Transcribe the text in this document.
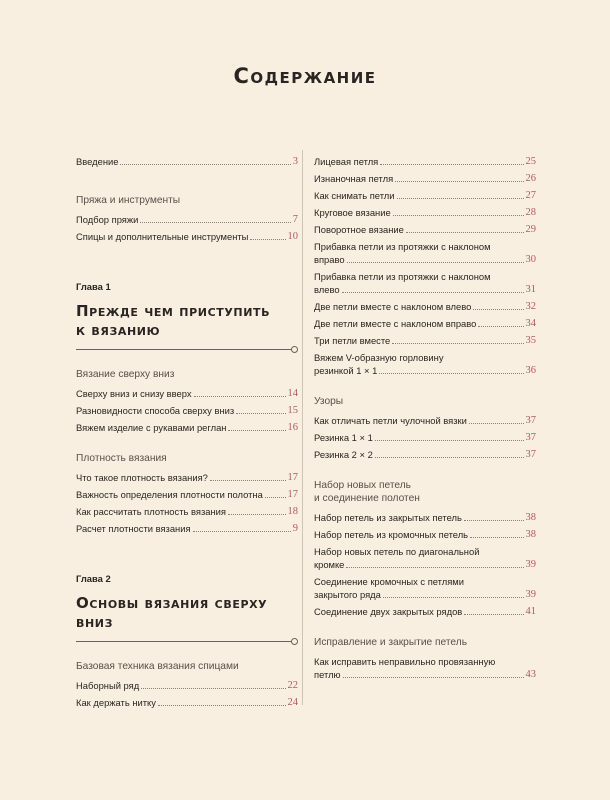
Содержание
Введение	3
Пряжа и инструменты
Подбор пряжи	7
Спицы и дополнительные инструменты	10
Глава 1
Прежде чем приступить
к вязанию
Вязание сверху вниз
Сверху вниз и снизу вверх	14
Разновидности способа сверху вниз	15
Вяжем изделие с рукавами реглан	16
Плотность вязания
Что такое плотность вязания?	17
Важность определения плотности полотна 17
Как рассчитать плотность вязания	18
Расчет плотности вязания	9
Глава 2
Основы вязания сверху
вниз
Базовая техника вязания спицами
Наборный ряд	22
Как держать нитку	24
Лицевая петля	25
Изнаночная петля	26
Как снимать петли	27
Круговое вязание	28
Поворотное вязание	29
Прибавка петли из протяжки с наклоном
вправо	30
Прибавка петли из протяжки с наклоном
влево	31
Две петли вместе с наклоном влево	32
Две петли вместе с наклоном вправо	34
Три петли вместе	35
Вяжем V-образную горловину
резинкой 1 × 1	36
Узоры
Как отличать петли чулочной вязки	37
Резинка 1 × 1	37
Резинка 2 × 2	37
Набор новых петель
и соединение полотен
Набор петель из закрытых петель	38
Набор петель из кромочных петель	38
Набор новых петель по диагональной
кромке	39
Соединение кромочных с петлями
закрытого ряда	39
Соединение двух закрытых рядов	41
Исправление и закрытие петель
Как исправить неправильно провязанную
петлю	43
